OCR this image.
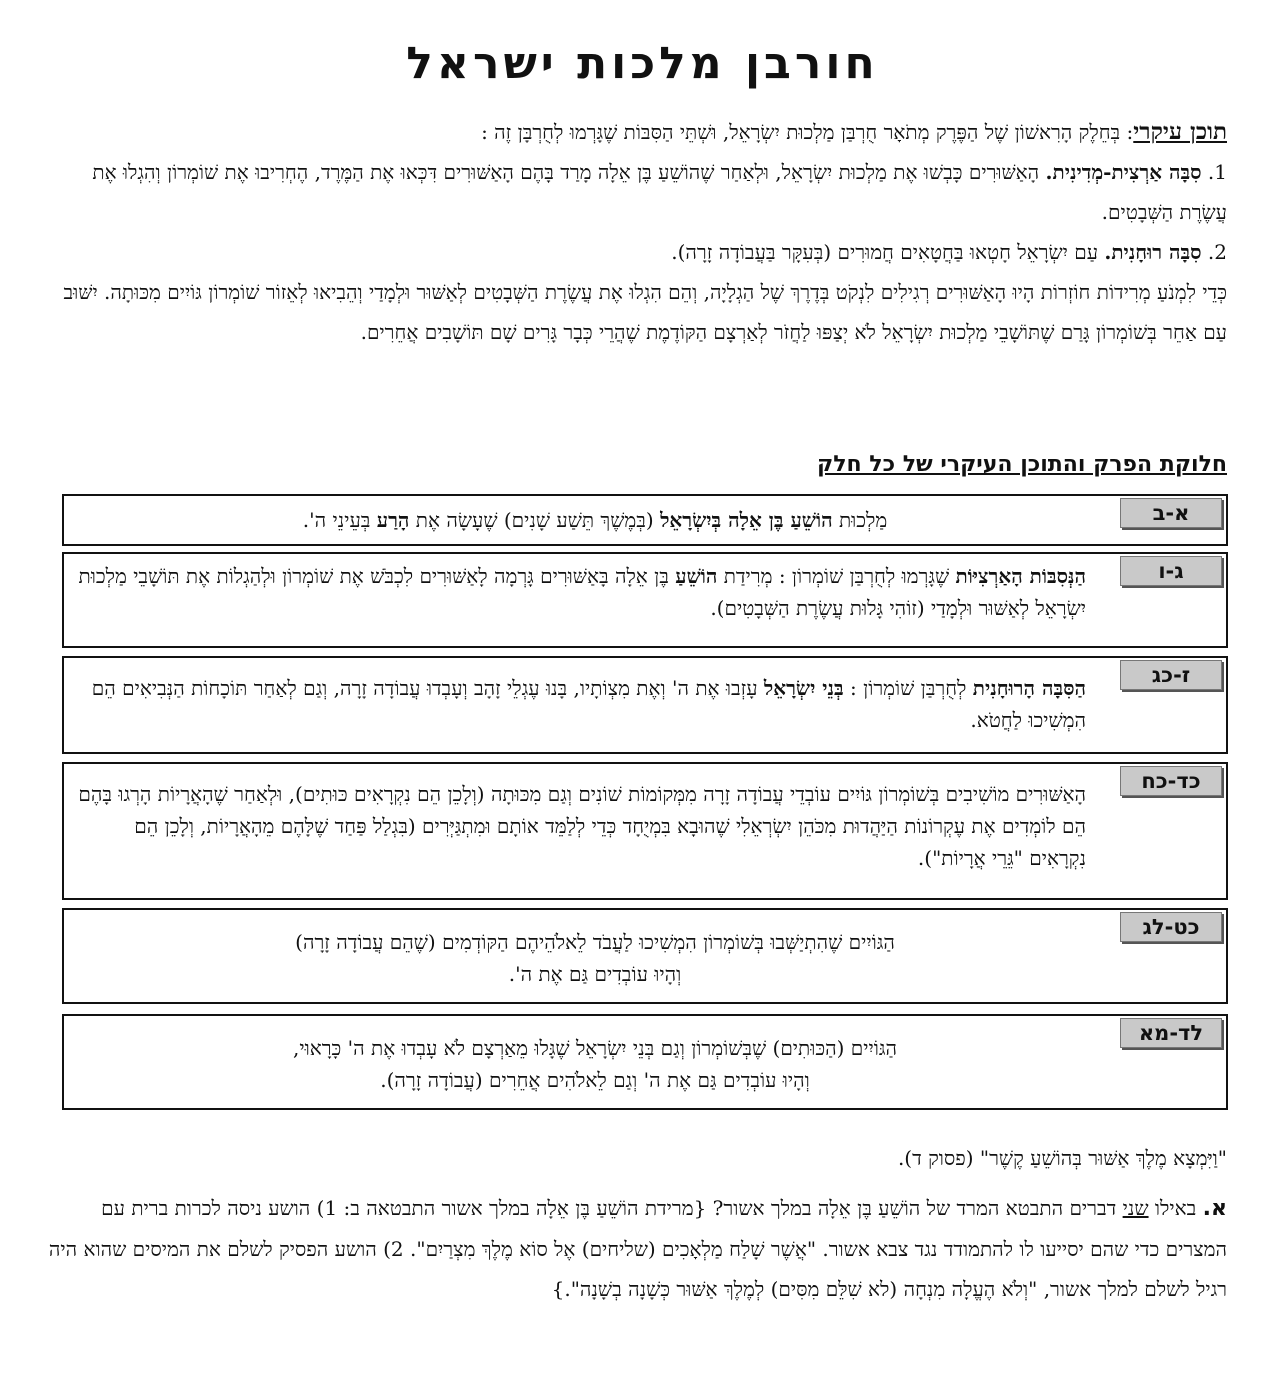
חורבן מלכות ישראל

תוכן עיקרי: בְּחֵלֶק הָרִאשׁוֹן שֶׁל הַפֶּרֶק מְתֹאָר חֻרְבַּן מַלְכוּת יִשְׂרָאֵל, וּשְׁתֵּי הַסִּבּוֹת שֶׁגָּרְמוּ לְחֻרְבָּן זֶה :

1. סִבָּה אַרְצִית-מְדִינִית. הָאַשּׁוּרִים כָּבְשׁוּ אֶת מַלְכוּת יִשְׂרָאֵל, וּלְאַחַר שֶׁהוֹשֵׁעַ בֶּן אֵלָה מָרַד בָּהֶם הָאַשּׁוּרִים דִּכְּאוּ אֶת הַמֶּרֶד, הֶחְרִיבוּ אֶת שׁוֹמְרוֹן וְהִגְלוּ אֶת עֲשֶׂרֶת הַשְּׁבָטִים.

2. סִבָּה רוּחָנִית. עַם יִשְׂרָאֵל חָטְאוּ בַּחֲטָאִים חֲמוּרִים (בְּעִקָּר בַּעֲבוֹדָה זָרָה).

כְּדֵי לִמְנֹעַ מְרִידוֹת חוֹזְרוֹת הָיוּ הָאַשּׁוּרִים רְגִילִים לִנְקֹט בְּדֶרֶךְ שֶׁל הַגְלָיָה, וְהֵם הִגְלוּ אֶת עֲשֶׂרֶת הַשְּׁבָטִים לְאַשּׁוּר וּלְמָדַי וְהֵבִיאוּ לְאֵזוֹר שׁוֹמְרוֹן גּוֹיִים מִכּוּתָה. יִשּׁוּב עַם אַחֵר בְּשׁוֹמְרוֹן גָּרַם שֶׁתּוֹשָׁבֵי מַלְכוּת יִשְׂרָאֵל לֹא יְצַפּוּ לַחֲזֹר לְאַרְצָם הַקּוֹדֶמֶת שֶׁהֲרֵי כְּבָר גָּרִים שָׁם תּוֹשָׁבִים אֲחֵרִים.

חלוקת הפרק והתוכן העיקרי של כל חלק
א-ב
מַלְכוּת הוֹשֵׁעַ בֶּן אֵלָה בְּיִשְׂרָאֵל (בְּמֶשֶׁךְ תֵּשַׁע שָׁנִים) שֶׁעָשָׂה אֶת הָרַע בְּעֵינֵי ה'.
ג-ו
הַנְּסִבּוֹת הָאַרְצִיּוֹת שֶׁגָּרְמוּ לְחֻרְבַּן שׁוֹמְרוֹן : מְרִידַת הוֹשֵׁעַ בֶּן אֵלָה בָּאַשּׁוּרִים גָּרְמָה לָאַשּׁוּרִים לִכְבֹּשׁ אֶת שׁוֹמְרוֹן וּלְהַגְלוֹת אֶת תּוֹשָׁבֵי מַלְכוּת יִשְׂרָאֵל לְאַשּׁוּר וּלְמָדַי (זוֹהִי גָּלוּת עֲשֶׂרֶת הַשְּׁבָטִים).
ז-כג
הַסִּבָּה הָרוּחָנִית לְחֻרְבַּן שׁוֹמְרוֹן : בְּנֵי יִשְׂרָאֵל עָזְבוּ אֶת ה' וְאֶת מִצְוֹתָיו, בָּנוּ עֶגְלֵי זָהָב וְעָבְדוּ עֲבוֹדָה זָרָה, וְגַם לְאַחַר תּוֹכָחוֹת הַנְּבִיאִים הֵם הִמְשִׁיכוּ לַחֲטֹא.
כד-כח
הָאַשּׁוּרִים מוֹשִׁיבִים בְּשׁוֹמְרוֹן גּוֹיִים עוֹבְדֵי עֲבוֹדָה זָרָה מִמְּקוֹמוֹת שׁוֹנִים וְגַם מִכּוּתָה (וְלָכֵן הֵם נִקְרָאִים כּוּתִים), וּלְאַחַר שֶׁהָאֲרָיוֹת הָרְגוּ בָּהֶם הֵם לוֹמְדִים אֶת עֶקְרוֹנוֹת הַיַּהֲדוּת מִכֹּהֵן יִשְׂרְאֵלִי שֶׁהוּבָא בִּמְיֻחָד כְּדֵי לְלַמֵּד אוֹתָם וּמִתְגַּיְּרִים (בִּגְלַל פַּחַד שֶׁלָּהֶם מֵהָאֲרָיוֹת, וְלָכֵן הֵם נִקְרָאִים "גֵּרֵי אֲרָיוֹת").
כט-לג
הַגּוֹיִים שֶׁהִתְיַשְּׁבוּ בְּשׁוֹמְרוֹן הִמְשִׁיכוּ לַעֲבֹד לֵאלֹהֵיהֶם הַקּוֹדְמִים (שֶׁהֵם עֲבוֹדָה זָרָה)
וְהָיוּ עוֹבְדִים גַּם אֶת ה'.
לד-מא
הַגּוֹיִים (הַכּוּתִים) שֶׁבְּשׁוֹמְרוֹן וְגַם בְּנֵי יִשְׂרָאֵל שֶׁגָּלוּ מֵאַרְצָם לֹא עָבְדוּ אֶת ה' כָּרָאוּי,
וְהָיוּ עוֹבְדִים גַּם אֶת ה' וְגַם לֵאלֹהִים אֲחֵרִים (עֲבוֹדָה זָרָה).
"וַיִּמְצָא מֶלֶךְ אַשּׁוּר בְּהוֹשֵׁעַ קֶשֶׁר" (פסוק ד).
א. באילו שני דברים התבטא המרד של הוֹשֵׁעַ בֶּן אֵלָה במלך אשור? {מרידת הוֹשֵׁעַ בֶּן אֵלָה במלך אשור התבטאה ב: 1) הושע ניסה לכרות ברית עם המצרים כדי שהם יסייעו לו להתמודד נגד צבא אשור. "אֲשֶׁר שָׁלַח מַלְאָכִים (שליחים) אֶל סוֹא מֶלֶךְ מִצְרַיִם". 2) הושע הפסיק לשלם את המיסים שהוא היה רגיל לשלם למלך אשור, "וְלֹא הֶעֱלָה מִנְחָה (לא שִׁלֵּם מִסִּים) לְמֶלֶךְ אַשּׁוּר כְּשָׁנָה בְשָׁנָה".}
